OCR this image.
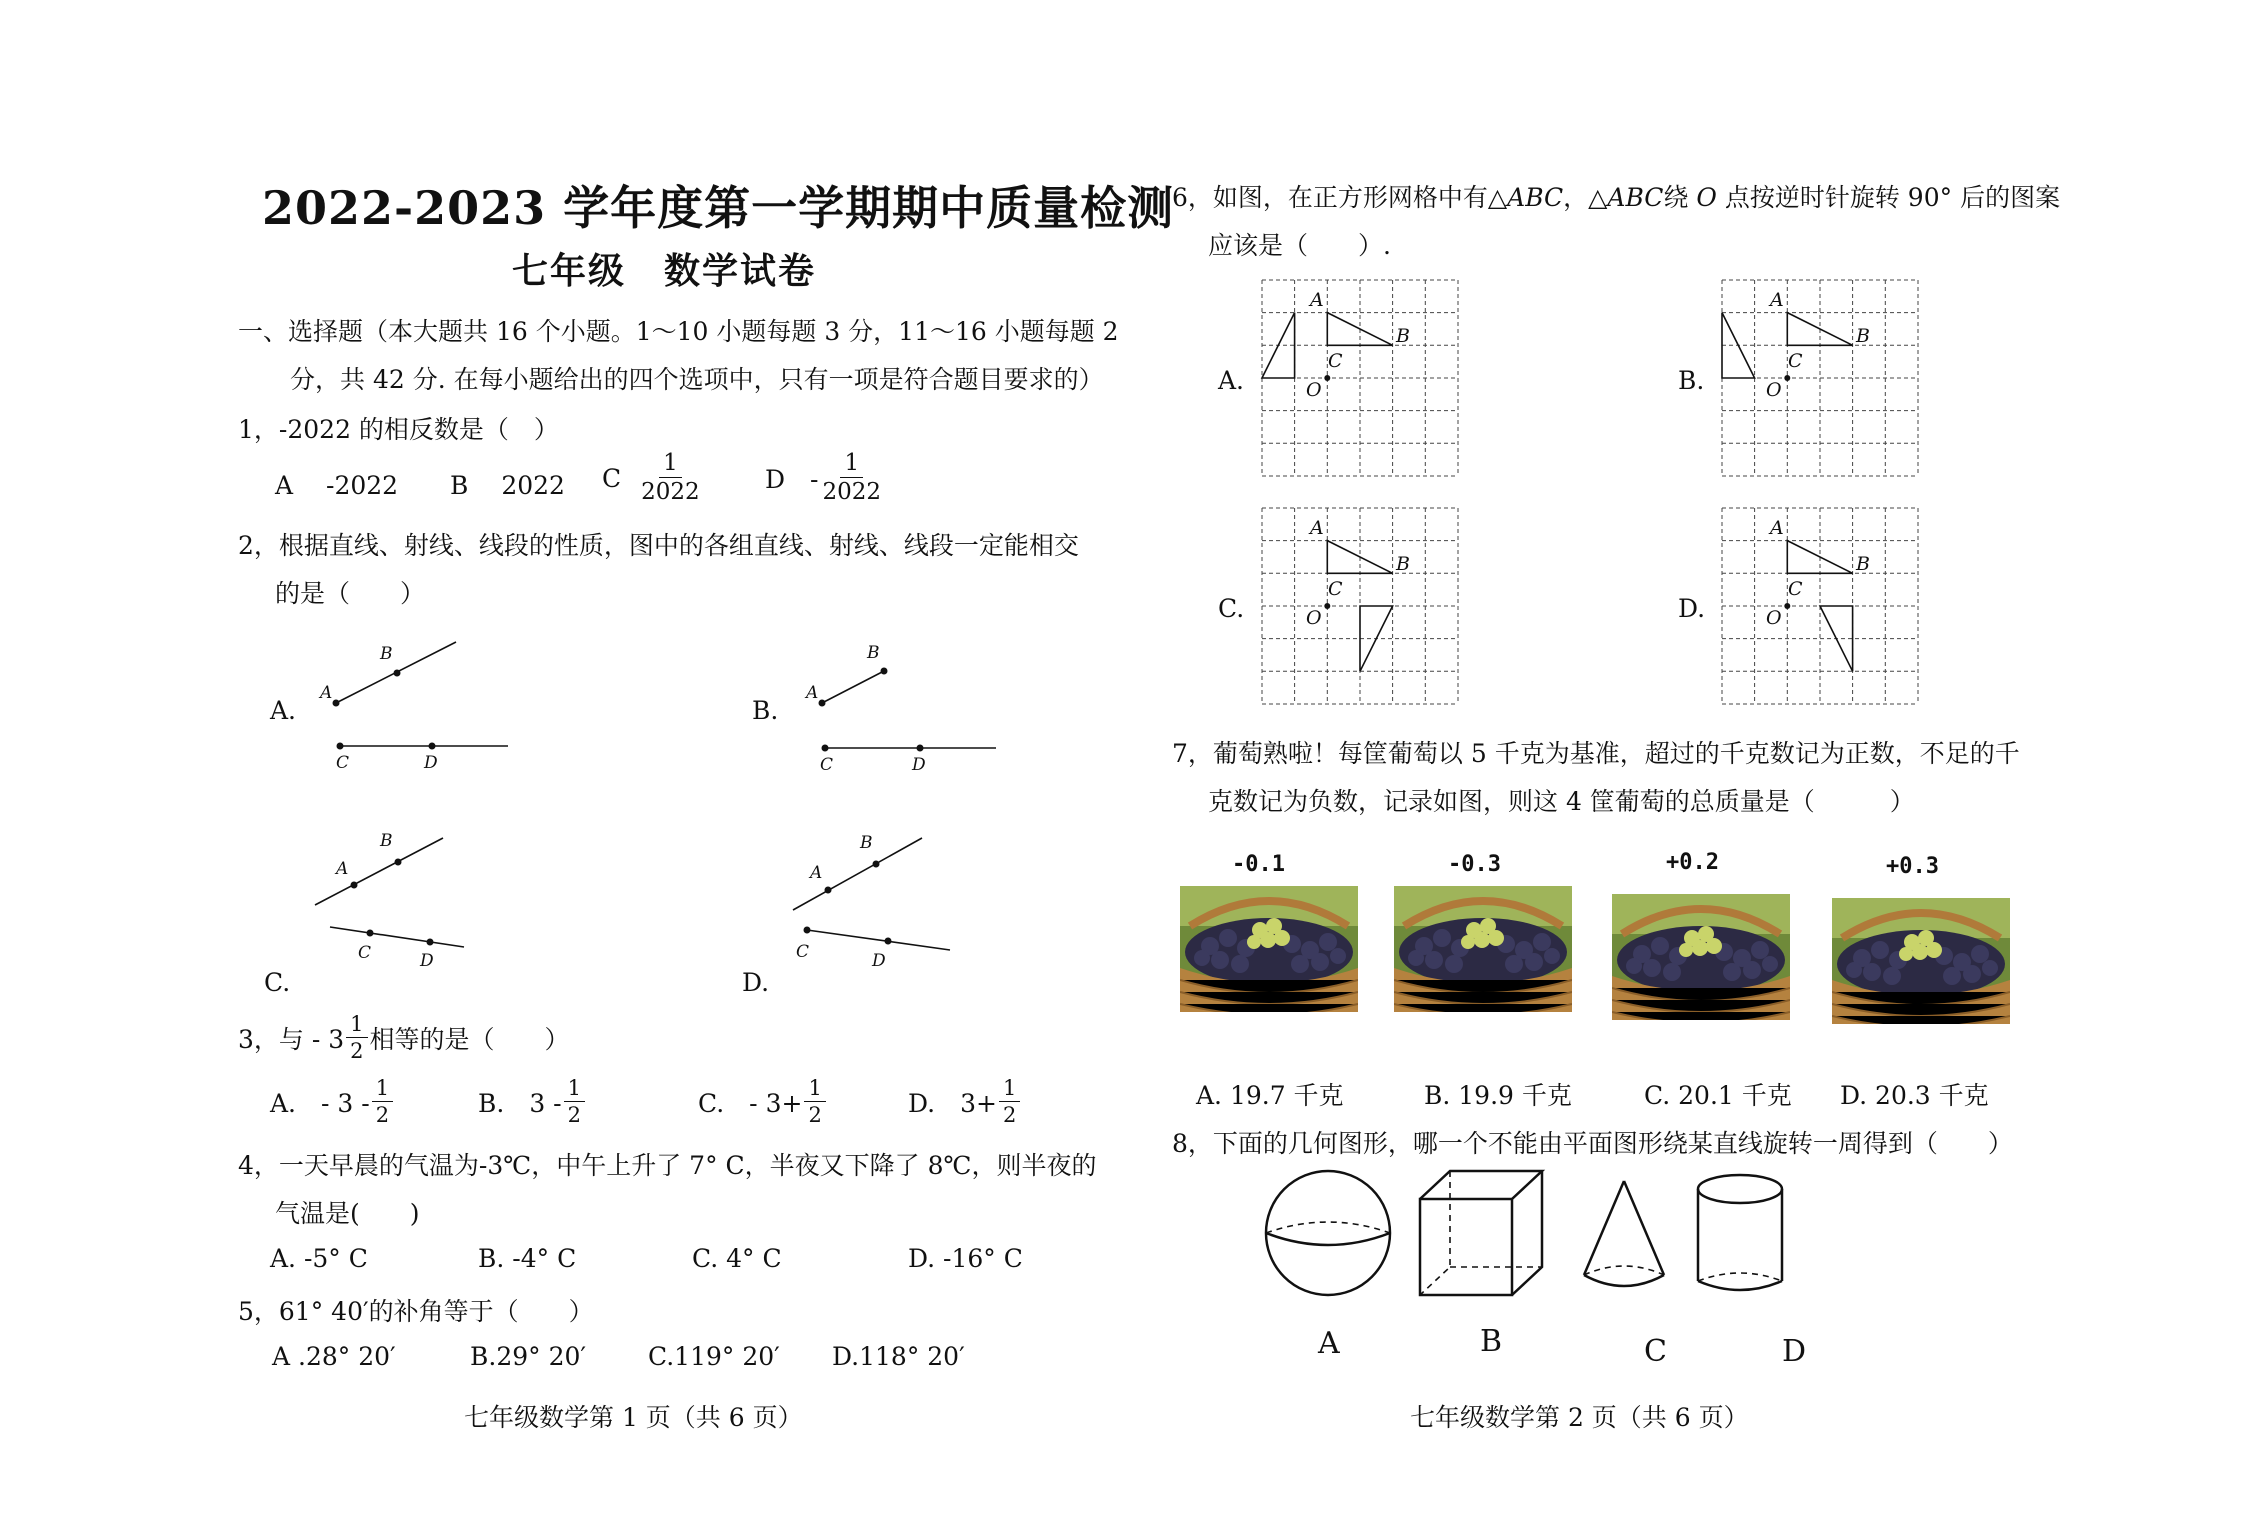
2022-2023 学年度第一学期期中质量检测
七年级　数学试卷
一、选择题（本大题共 16 个小题。1～10 小题每题 3 分，11～16 小题每题 2
分，共 42 分. 在每小题给出的四个选项中，只有一项是符合题目要求的）
1，-2022 的相反数是（　）
A　 -2022 B　 2022 C $\frac{1}{2022}$	D　- $\frac{1}{2022}$
2，根据直线、射线、线段的性质，图中的各组直线、射线、线段一定能相交
的是（　　）
A
B
C	D
A
B
C	D
A
B
C	D
A
B
C	D
A.	B.
C.	D.
3，与 - $3 \frac{1}{2}$ 相等的是（　　）
A.　- $3 - \frac{1}{2}$	B.　$3 - \frac{1}{2}$	C.　- $3+ \frac{1}{2}$	D.　$3+ \frac{1}{2}$
4，一天早晨的气温为-3℃，中午上升了 7° C，半夜又下降了 8℃，则半夜的
气温是(　　)
A. -5° C	B. -4° C	C. 4° C	D. -16° C
5，61° 40′的补角等于（　　）
A .28° 20′	B.29° 20′ C.119° 20′ D.118° 20′
七年级数学第 1 页（共 6 页）
6，如图，在正方形网格中有△ABC，△ABC绕 O 点按逆时针旋转 90° 后的图案
应该是（　　）.
A.	B.
C.	D.
A
B
C
O
A
B
C
O
A
B
C
O
A
B
C
O
7，葡萄熟啦！每筐葡萄以 5 千克为基准，超过的千克数记为正数，不足的千
克数记为负数，记录如图，则这 4 筐葡萄的总质量是（　　　）
-0.1	-0.3	+0.2	+0.3
A. 19.7 千克	B. 19.9 千克	C. 20.1 千克 D. 20.3 千克
8，下面的几何图形，哪一个不能由平面图形绕某直线旋转一周得到（　　）
A	B	C	D
七年级数学第 2 页（共 6 页）
